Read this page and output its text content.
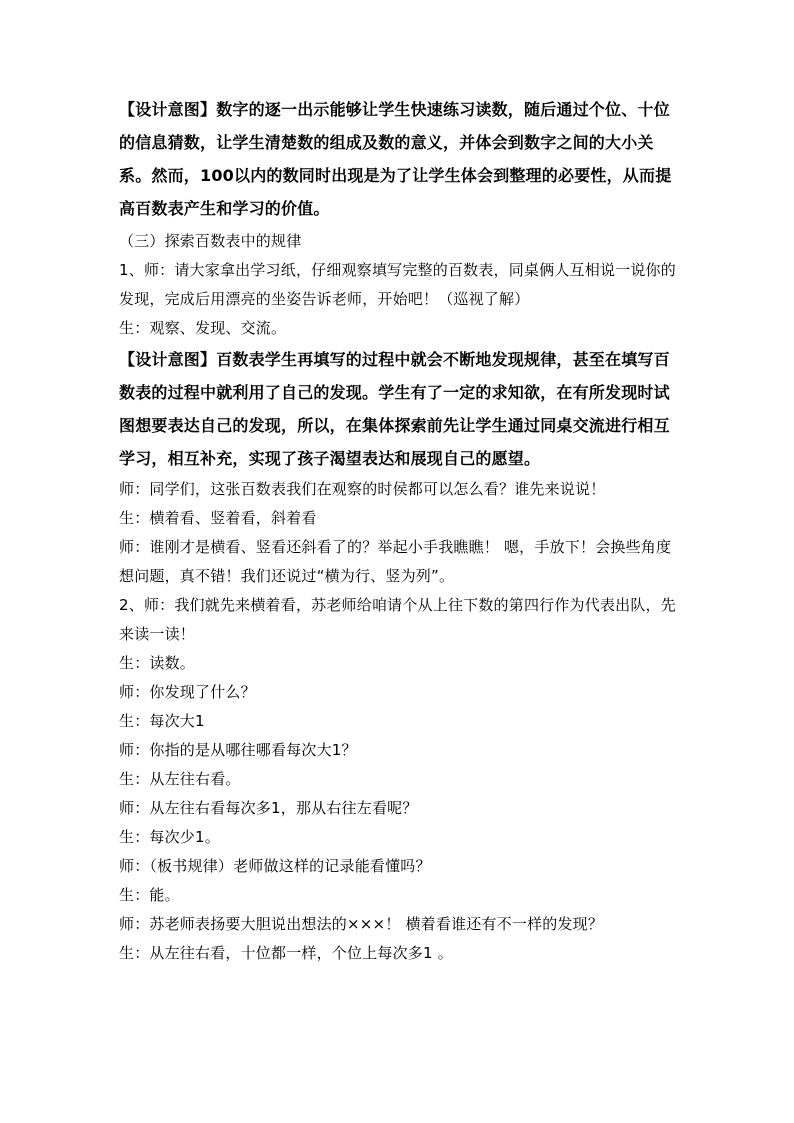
【设计意图】数字的逐一出示能够让学生快速练习读数，随后通过个位、十位的信息猜数，让学生清楚数的组成及数的意义，并体会到数字之间的大小关系。然而，100以内的数同时出现是为了让学生体会到整理的必要性，从而提高百数表产生和学习的价值。

（三）探索百数表中的规律

1、师：请大家拿出学习纸，仔细观察填写完整的百数表，同桌俩人互相说一说你的发现，完成后用漂亮的坐姿告诉老师，开始吧！（巡视了解）

生：观察、发现、交流。

【设计意图】百数表学生再填写的过程中就会不断地发现规律，甚至在填写百数表的过程中就利用了自己的发现。学生有了一定的求知欲，在有所发现时试图想要表达自己的发现，所以，在集体探索前先让学生通过同桌交流进行相互学习，相互补充，实现了孩子渴望表达和展现自己的愿望。

师：同学们，这张百数表我们在观察的时侯都可以怎么看？谁先来说说！

生：横着看、竖着看，斜着看

师：谁刚才是横看、竖看还斜看了的？举起小手我瞧瞧！ 嗯，手放下！会换些角度想问题，真不错！我们还说过“横为行、竖为列”。

2、师：我们就先来横着看，苏老师给咱请个从上往下数的第四行作为代表出队，先来读一读！

生：读数。

师：你发现了什么？

生：每次大1

师：你指的是从哪往哪看每次大1？

生：从左往右看。

师：从左往右看每次多1，那从右往左看呢？

生：每次少1。

师：（板书规律）老师做这样的记录能看懂吗？

生：能。

师：苏老师表扬要大胆说出想法的×××！ 横着看谁还有不一样的发现？

生：从左往右看，十位都一样，个位上每次多1 。
